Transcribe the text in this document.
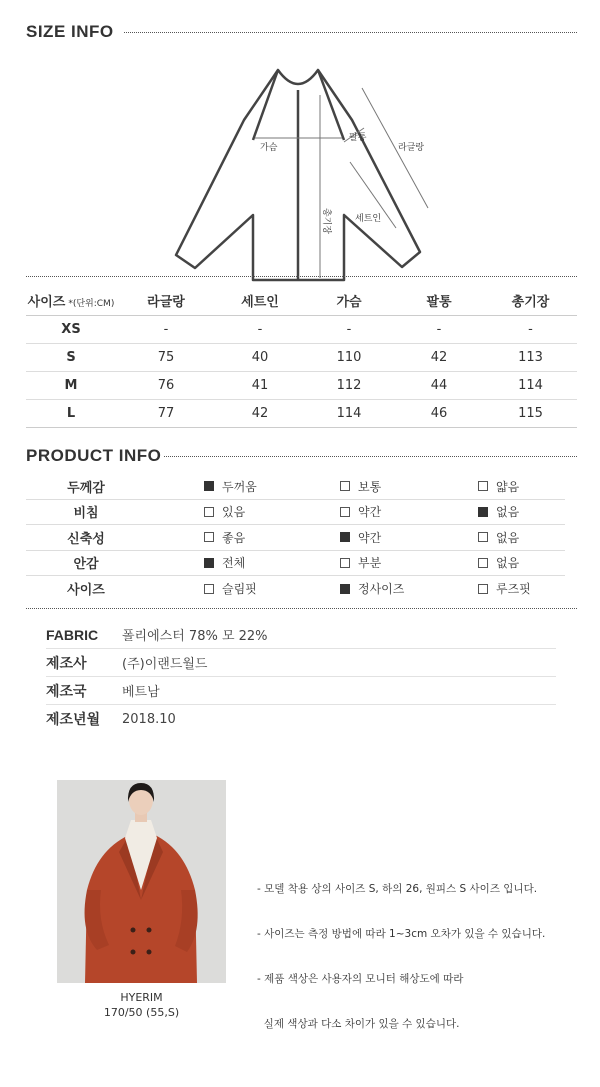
SIZE INFO
가슴
팔통
라글랑
세트인
총기장
사이즈 *(단위:CM)	라글랑	세트인	가슴	팔통	총기장
XS	-	-	-	-	-
S	75	40	110	42	113
M	76	41	112	44	114
L	77	42	114	46	115
PRODUCT INFO
두께감	두꺼움	보통	얇음
비침	있음	약간	없음
신축성	좋음	약간	없음
안감	전체	부분	없음
사이즈	슬림핏	정사이즈	루즈핏
FABRIC	폴리에스터 78% 모 22%
제조사	(주)이랜드월드
제조국	베트남
제조년월	2018.10
HYERIM
170/50 (55,S)

- 모델 착용 상의 사이즈 S, 하의 26, 원피스 S 사이즈 입니다.

- 사이즈는 측정 방법에 따라 1~3cm 오차가 있을 수 있습니다.

- 제품 색상은 사용자의 모니터 해상도에 따라

실제 색상과 다소 차이가 있을 수 있습니다.
